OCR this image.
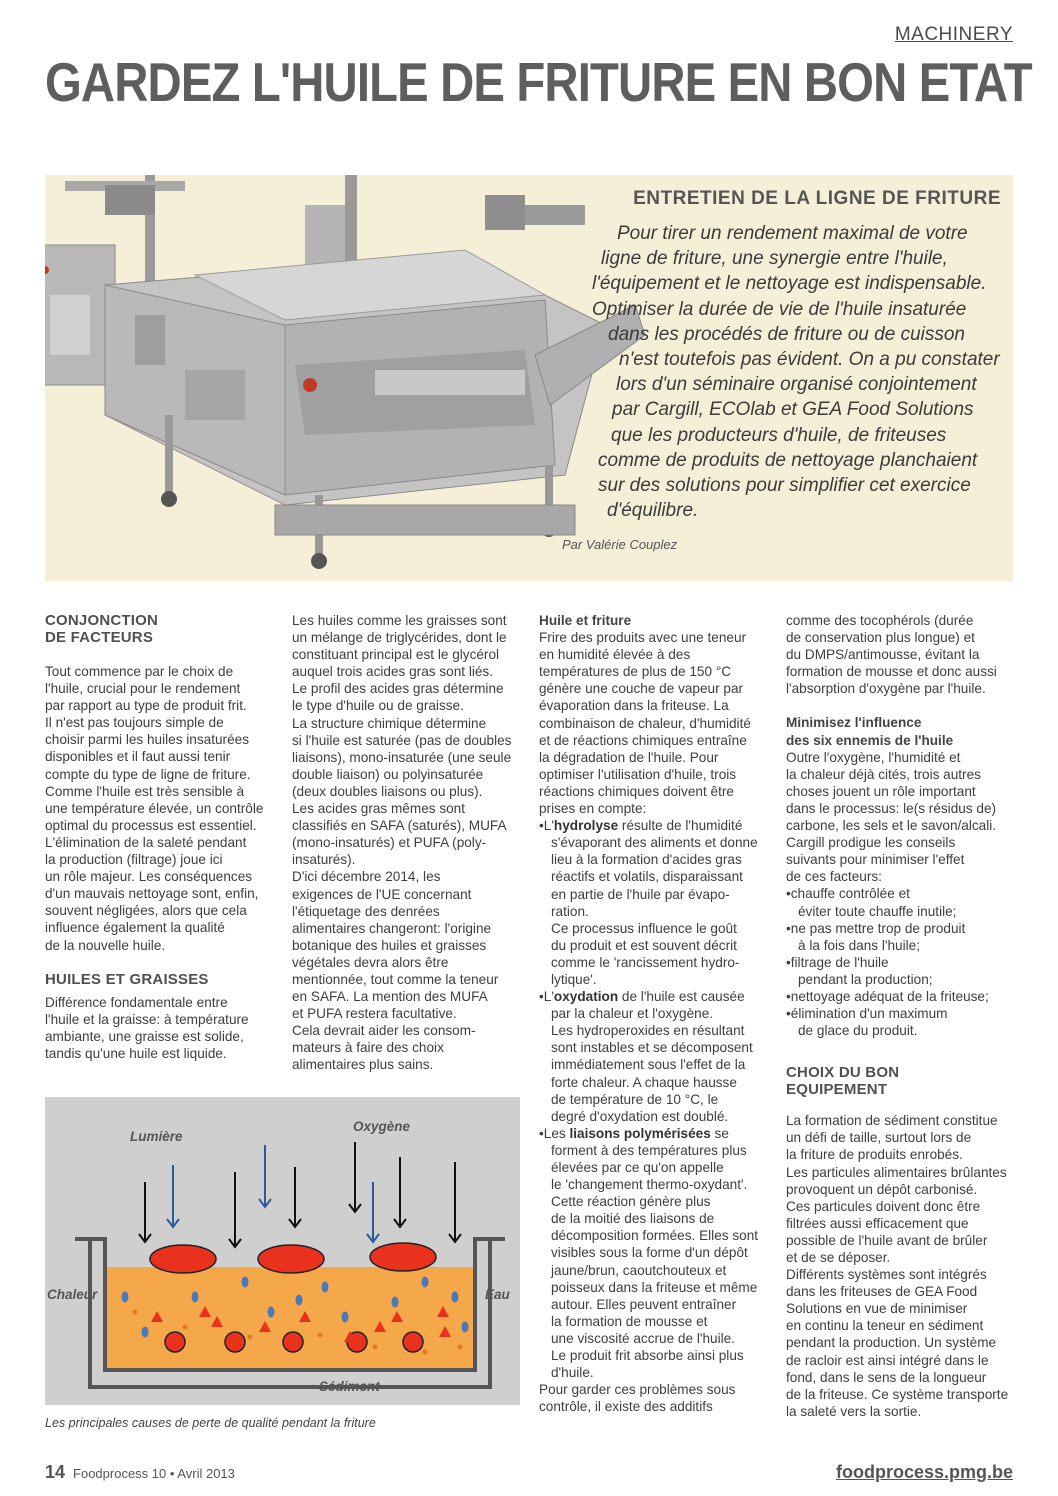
MACHINERY
GARDEZ L'HUILE DE FRITURE EN BON ETAT
ENTRETIEN DE LA LIGNE DE FRITURE
Pour tirer un rendement maximal de votre
ligne de friture, une synergie entre l'huile,
l'équipement et le nettoyage est indispensable.
Optimiser la durée de vie de l'huile insaturée
dans les procédés de friture ou de cuisson
n'est toutefois pas évident. On a pu constater
lors d'un séminaire organisé conjointement
par Cargill, ECOlab et GEA Food Solutions
que les producteurs d'huile, de friteuses
comme de produits de nettoyage planchaient
sur des solutions pour simplifier cet exercice
d'équilibre.
Par Valérie Couplez
CONJONCTION
DE FACTEURS

Tout commence par le choix de
l'huile, crucial pour le rendement
par rapport au type de produit frit.
Il n'est pas toujours simple de
choisir parmi les huiles insaturées
disponibles et il faut aussi tenir
compte du type de ligne de friture.
Comme l'huile est très sensible à
une température élevée, un contrôle
optimal du processus est essentiel.
L'élimination de la saleté pendant
la production (filtrage) joue ici
un rôle majeur. Les conséquences
d'un mauvais nettoyage sont, enfin,
souvent négligées, alors que cela
influence également la qualité
de la nouvelle huile.

HUILES ET GRAISSES

Différence fondamentale entre
l'huile et la graisse: à température
ambiante, une graisse est solide,
tandis qu'une huile est liquide.

Les huiles comme les graisses sont
un mélange de triglycérides, dont le
constituant principal est le glycérol
auquel trois acides gras sont liés.
Le profil des acides gras détermine
le type d'huile ou de graisse.
La structure chimique détermine
si l'huile est saturée (pas de doubles
liaisons), mono-insaturée (une seule
double liaison) ou polyinsaturée
(deux doubles liaisons ou plus).
Les acides gras mêmes sont
classifiés en SAFA (saturés), MUFA
(mono-insaturés) et PUFA (poly-
insaturés).
D'ici décembre 2014, les
exigences de l'UE concernant
l'étiquetage des denrées
alimentaires changeront: l'origine
botanique des huiles et graisses
végétales devra alors être
mentionnée, tout comme la teneur
en SAFA. La mention des MUFA
et PUFA restera facultative.
Cela devrait aider les consom-
mateurs à faire des choix
alimentaires plus sains.

Huile et friture

Frire des produits avec une teneur
en humidité élevée à des
températures de plus de 150 °C
génère une couche de vapeur par
évaporation dans la friteuse. La
combinaison de chaleur, d'humidité
et de réactions chimiques entraîne
la dégradation de l'huile. Pour
optimiser l'utilisation d'huile, trois
réactions chimiques doivent être
prises en compte:

•L'hydrolyse résulte de l'humidité

s'évaporant des aliments et donne
lieu à la formation d'acides gras
réactifs et volatils, disparaissant
en partie de l'huile par évapo-
ration.
Ce processus influence le goût
du produit et est souvent décrit
comme le 'rancissement hydro-
lytique'.

•L'oxydation de l'huile est causée

par la chaleur et l'oxygène.
Les hydroperoxides en résultant
sont instables et se décomposent
immédiatement sous l'effet de la
forte chaleur. A chaque hausse
de température de 10 °C, le
degré d'oxydation est doublé.

•Les liaisons polymérisées se

forment à des températures plus
élevées par ce qu'on appelle
le 'changement thermo-oxydant'.
Cette réaction génère plus
de la moitié des liaisons de
décomposition formées. Elles sont
visibles sous la forme d'un dépôt
jaune/brun, caoutchouteux et
poisseux dans la friteuse et même
autour. Elles peuvent entraîner
la formation de mousse et
une viscosité accrue de l'huile.
Le produit frit absorbe ainsi plus
d'huile.

Pour garder ces problèmes sous
contrôle, il existe des additifs

comme des tocophérols (durée
de conservation plus longue) et
du DMPS/antimousse, évitant la
formation de mousse et donc aussi
l'absorption d'oxygène par l'huile.

Minimisez l'influence
des six ennemis de l'huile

Outre l'oxygène, l'humidité et
la chaleur déjà cités, trois autres
choses jouent un rôle important
dans le processus: le(s résidus de)
carbone, les sels et le savon/alcali.
Cargill prodigue les conseils
suivants pour minimiser l'effet
de ces facteurs:

•chauffe contrôlée et
éviter toute chauffe inutile;
•ne pas mettre trop de produit
à la fois dans l'huile;
•filtrage de l'huile
pendant la production;
•nettoyage adéquat de la friteuse;
•élimination d'un maximum
de glace du produit.
CHOIX DU BON
EQUIPEMENT

La formation de sédiment constitue
un défi de taille, surtout lors de
la friture de produits enrobés.
Les particules alimentaires brûlantes
provoquent un dépôt carbonisé.
Ces particules doivent donc être
filtrées aussi efficacement que
possible de l'huile avant de brûler
et de se déposer.
Différents systèmes sont intégrés
dans les friteuses de GEA Food
Solutions en vue de minimiser
en continu la teneur en sédiment
pendant la production. Un système
de racloir est ainsi intégré dans le
fond, dans le sens de la longueur
de la friteuse. Ce système transporte
la saleté vers la sortie.

Lumière
Oxygène
Chaleur	Eau
Sédiment
Les principales causes de perte de qualité pendant la friture
14 Foodprocess 10 • Avril 2013	foodprocess.pmg.be
